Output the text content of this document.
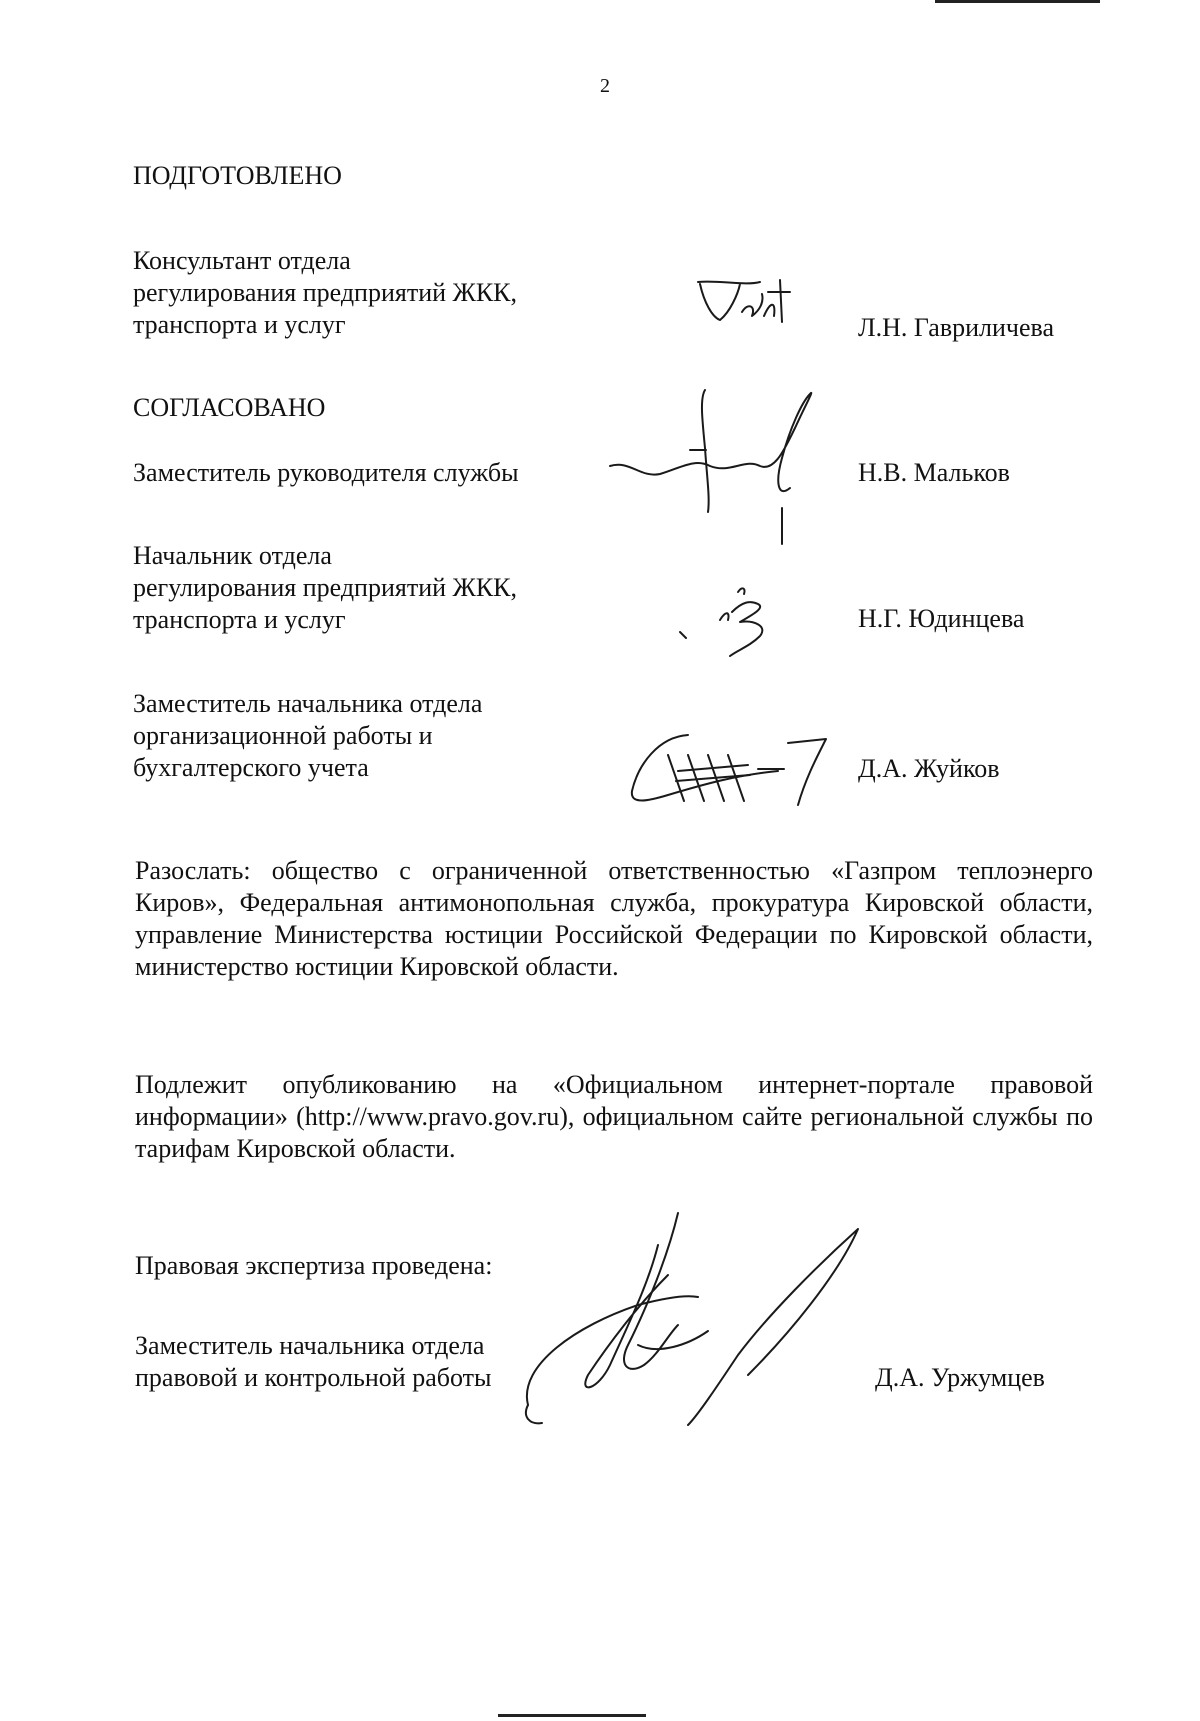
2
ПОДГОТОВЛЕНО
Консультант отдела
регулирования предприятий ЖКК,
транспорта и услуг	Л.Н. Гавриличева
СОГЛАСОВАНО
Заместитель руководителя службы	Н.В. Мальков
Начальник отдела
регулирования предприятий ЖКК,
транспорта и услуг	Н.Г. Юдинцева
Заместитель начальника отдела
организационной работы и
бухгалтерского учета	Д.А. Жуйков
Разослать: общество с ограниченной ответственностью «Газпром теплоэнерго Киров», Федеральная антимонопольная служба, прокуратура Кировской области, управление Министерства юстиции Российской Федерации по Кировской области, министерство юстиции Кировской области.
Подлежит опубликованию на «Официальном интернет-портале правовой информации» (http://www.pravo.gov.ru), официальном сайте региональной службы по тарифам Кировской области.
Правовая экспертиза проведена:
Заместитель начальника отдела
правовой и контрольной работы	Д.А. Уржумцев
